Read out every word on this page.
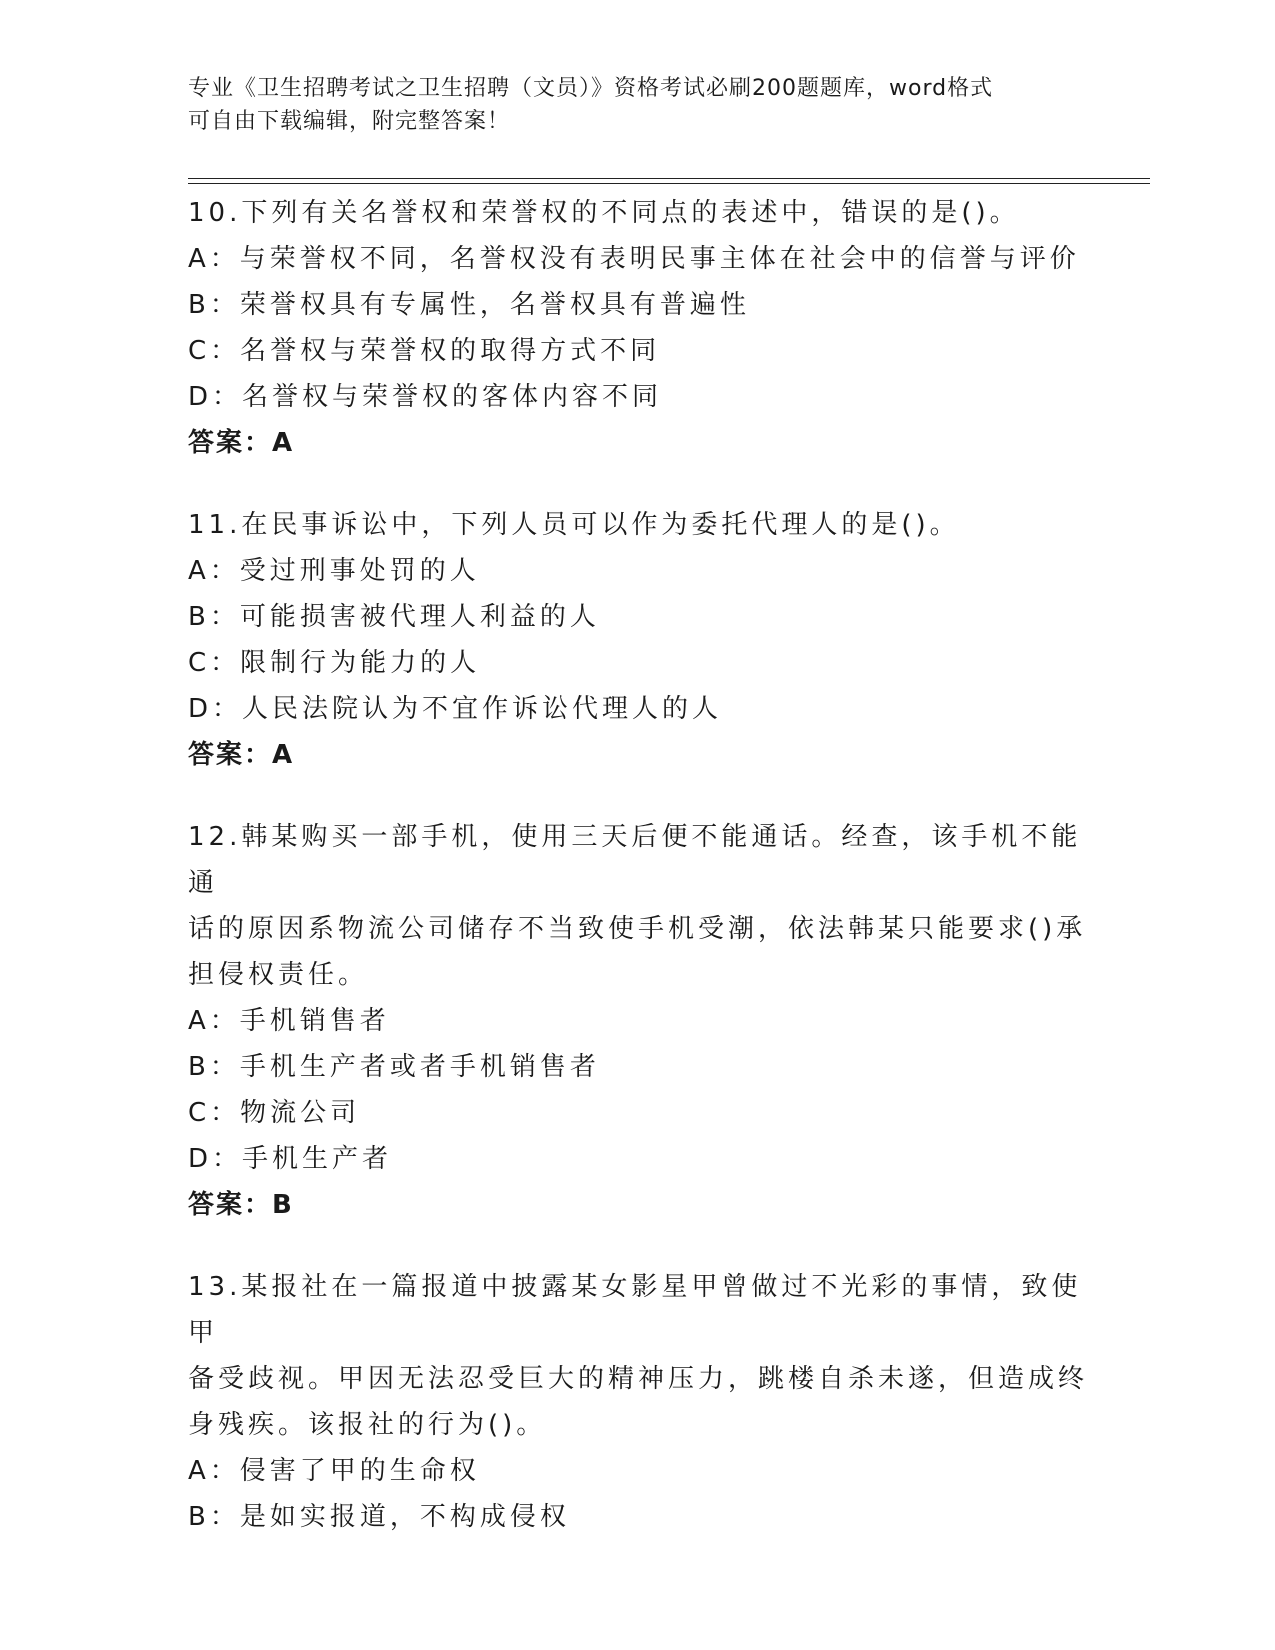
专业《卫生招聘考试之卫生招聘（文员）》资格考试必刷200题题库，word格式
可自由下载编辑，附完整答案！
10.下列有关名誉权和荣誉权的不同点的表述中，错误的是()。
A：与荣誉权不同，名誉权没有表明民事主体在社会中的信誉与评价
B：荣誉权具有专属性，名誉权具有普遍性
C：名誉权与荣誉权的取得方式不同
D：名誉权与荣誉权的客体内容不同
答案：A
11.在民事诉讼中，下列人员可以作为委托代理人的是()。
A：受过刑事处罚的人
B：可能损害被代理人利益的人
C：限制行为能力的人
D：人民法院认为不宜作诉讼代理人的人
答案：A
12.韩某购买一部手机，使用三天后便不能通话。经查，该手机不能通
话的原因系物流公司储存不当致使手机受潮，依法韩某只能要求()承
担侵权责任。
A：手机销售者
B：手机生产者或者手机销售者
C：物流公司
D：手机生产者
答案：B
13.某报社在一篇报道中披露某女影星甲曾做过不光彩的事情，致使甲
备受歧视。甲因无法忍受巨大的精神压力，跳楼自杀未遂，但造成终
身残疾。该报社的行为()。
A：侵害了甲的生命权
B：是如实报道，不构成侵权
